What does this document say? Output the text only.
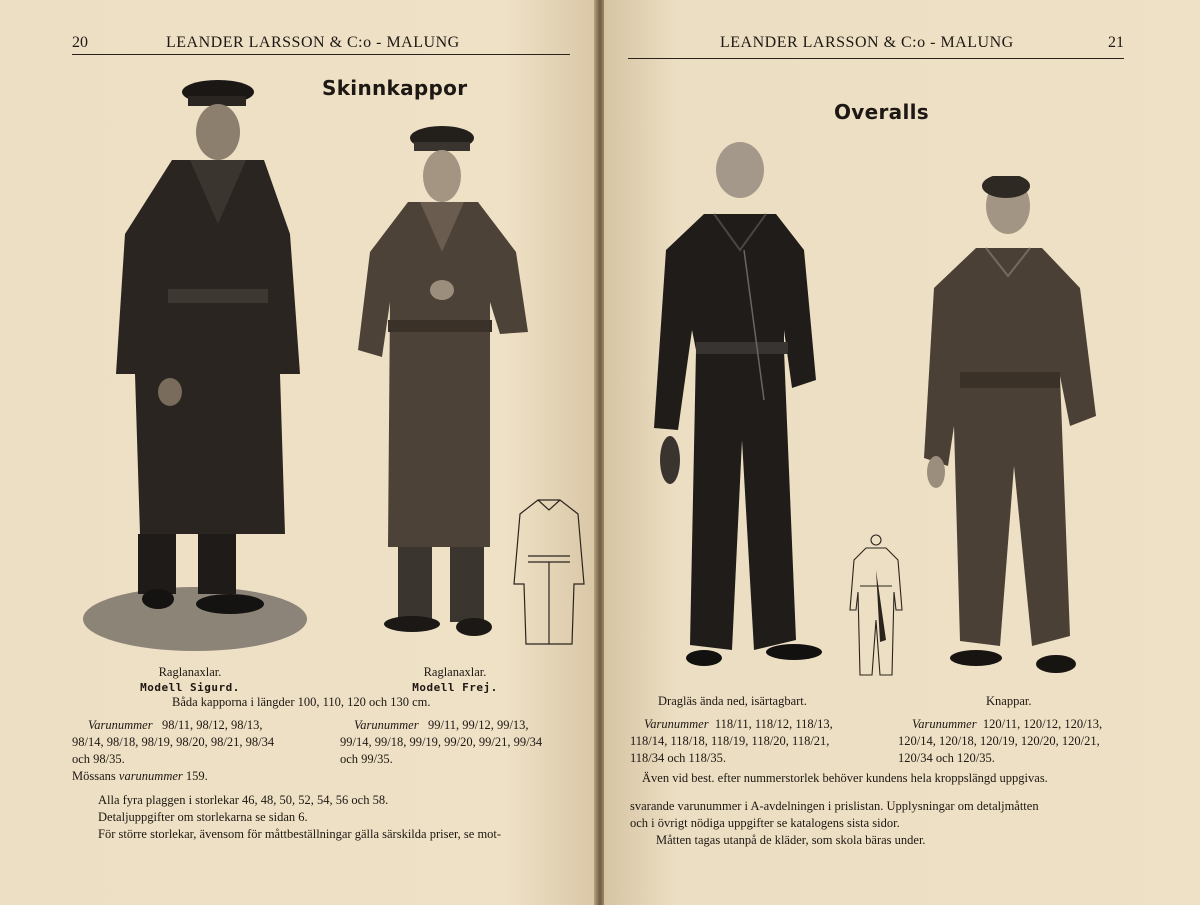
20	LEANDER LARSSON & C:o - MALUNG
Skinnkappor
Raglanaxlar.
Modell Sigurd.
Raglanaxlar.
Modell Frej.
Båda kapporna i längder 100, 110, 120 och 130 cm.
Varunummer 98/11, 98/12, 98/13,
98/14, 98/18, 98/19, 98/20, 98/21, 98/34
och 98/35.
Varunummer 99/11, 99/12, 99/13,
99/14, 99/18, 99/19, 99/20, 99/21, 99/34
och 99/35.
Mössans varunummer 159.
Alla fyra plaggen i storlekar 46, 48, 50, 52, 54, 56 och 58.
Detaljuppgifter om storlekarna se sidan 6.
För större storlekar, ävensom för måttbeställningar gälla särskilda priser, se mot-
LEANDER LARSSON & C:o - MALUNG	21
Overalls
Dragläs ända ned, isärtagbart.	Knappar.
Varunummer 118/11, 118/12, 118/13,
118/14, 118/18, 118/19, 118/20, 118/21,
118/34 och 118/35.
Varunummer 120/11, 120/12, 120/13,
120/14, 120/18, 120/19, 120/20, 120/21,
120/34 och 120/35.
Även vid best. efter nummerstorlek behöver kundens hela kroppslängd uppgivas.
svarande varunummer i A-avdelningen i prislistan. Upplysningar om detaljmåtten
och i övrigt nödiga uppgifter se katalogens sista sidor.
Måtten tagas utanpå de kläder, som skola bäras under.
